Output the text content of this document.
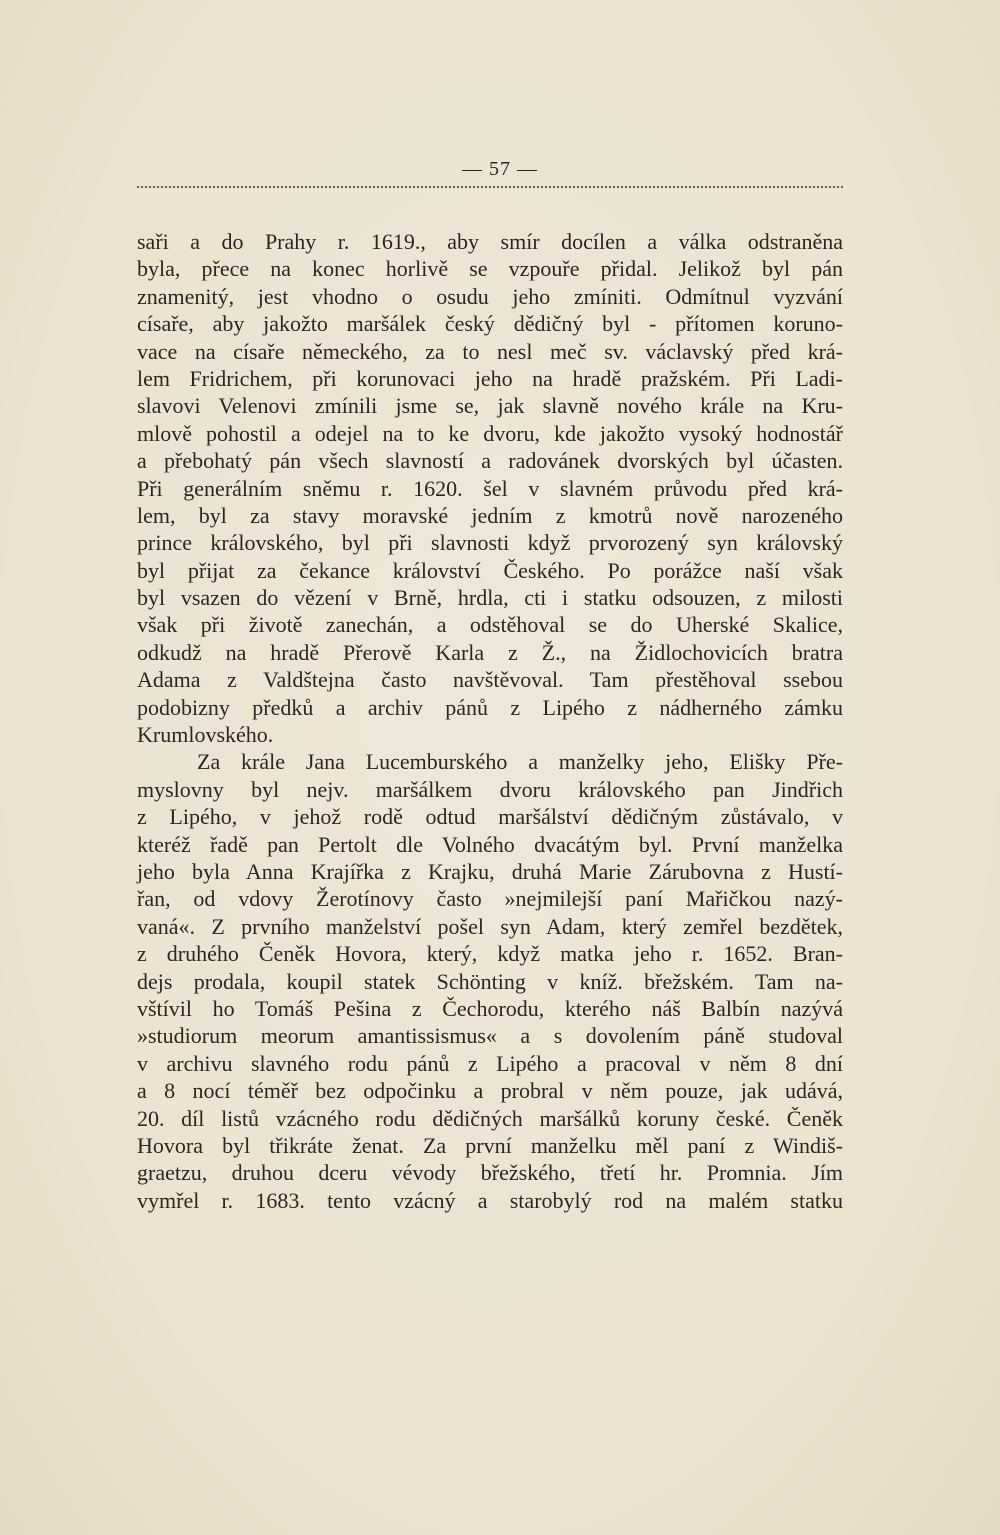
— 57 —
saři a do Prahy r. 1619., aby smír docílen a válka odstraněna
byla, přece na konec horlivě se vzpouře přidal. Jelikož byl pán
znamenitý, jest vhodno o osudu jeho zmíniti. Odmítnul vyzvání
císaře, aby jakožto maršálek český dědičný byl - přítomen koruno-
vace na císaře německého, za to nesl meč sv. václavský před krá-
lem Fridrichem, při korunovaci jeho na hradě pražském. Při Ladi-
slavovi Velenovi zmínili jsme se, jak slavně nového krále na Kru-
mlově pohostil a odejel na to ke dvoru, kde jakožto vysoký hodnostář
a přebohatý pán všech slavností a radovánek dvorských byl účasten.
Při generálním sněmu r. 1620. šel v slavném průvodu před krá-
lem, byl za stavy moravské jedním z kmotrů nově narozeného
prince královského, byl při slavnosti když prvorozený syn královský
byl přijat za čekance království Českého. Po porážce naší však
byl vsazen do vězení v Brně, hrdla, cti i statku odsouzen, z milosti
však při životě zanechán, a odstěhoval se do Uherské Skalice,
odkudž na hradě Přerově Karla z Ž., na Židlochovicích bratra
Adama z Valdštejna často navštěvoval. Tam přestěhoval ssebou
podobizny předků a archiv pánů z Lipého z nádherného zámku
Krumlovského.
Za krále Jana Lucemburského a manželky jeho, Elišky Pře-
myslovny byl nejv. maršálkem dvoru královského pan Jindřich
z Lipého, v jehož rodě odtud maršálství dědičným zůstávalo, v
kteréž řadě pan Pertolt dle Volného dvacátým byl. První manželka
jeho byla Anna Krajířka z Krajku, druhá Marie Zárubovna z Hustí-
řan, od vdovy Žerotínovy často »nejmilejší paní Mařičkou nazý-
vaná«. Z prvního manželství pošel syn Adam, který zemřel bezdětek,
z druhého Čeněk Hovora, který, když matka jeho r. 1652. Bran-
dejs prodala, koupil statek Schönting v kníž. břežském. Tam na-
vštívil ho Tomáš Pešina z Čechorodu, kterého náš Balbín nazývá
»studiorum meorum amantissismus« a s dovolením páně studoval
v archivu slavného rodu pánů z Lipého a pracoval v něm 8 dní
a 8 nocí téměř bez odpočinku a probral v něm pouze, jak udává,
20. díl listů vzácného rodu dědičných maršálků koruny české. Čeněk
Hovora byl třikráte ženat. Za první manželku měl paní z Windiš-
graetzu, druhou dceru vévody břežského, třetí hr. Promnia. Jím
vymřel r. 1683. tento vzácný a starobylý rod na malém statku
